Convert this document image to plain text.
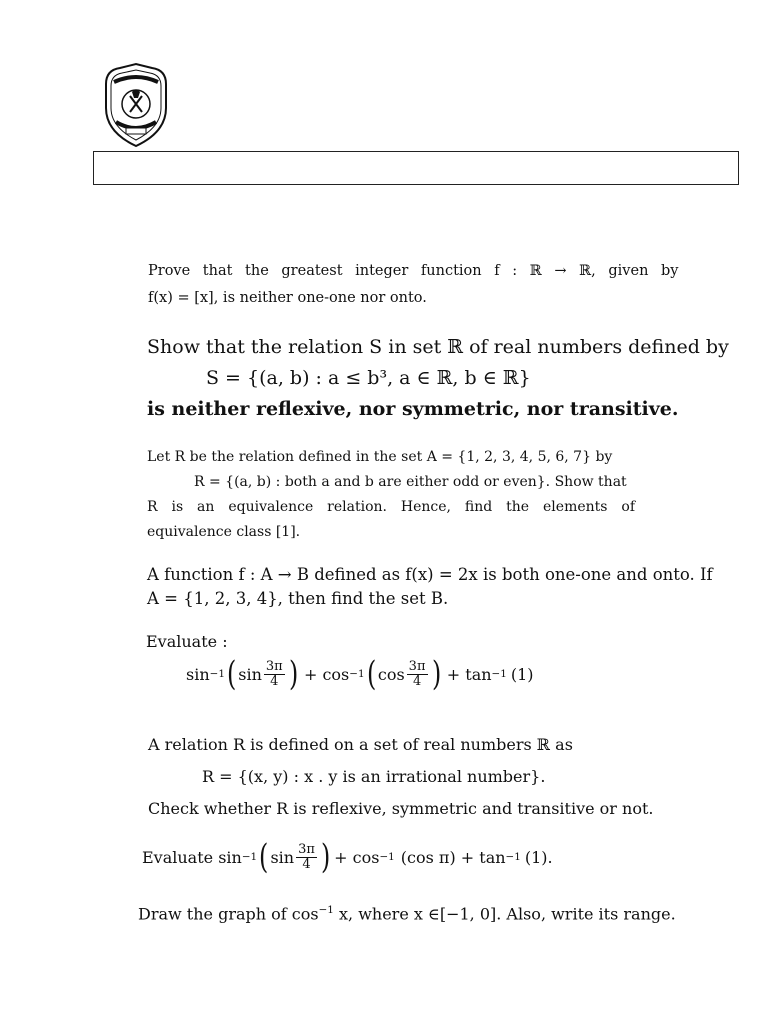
Prove that the greatest integer function f : ℝ → ℝ, given by
f(x) = [x], is neither one-one nor onto.
Show that the relation S in set ℝ of real numbers defined by
S = {(a, b) : a ≤ b³, a ∈ ℝ, b ∈ ℝ}
is neither reflexive, nor symmetric, nor transitive.
Let R be the relation defined in the set A = {1, 2, 3, 4, 5, 6, 7} by
R = {(a, b) : both a and b are either odd or even}. Show that
R is an equivalence relation. Hence, find the elements of
equivalence class [1].
A function f : A → B defined as f(x) = 2x is both one-one and onto. If
A = {1, 2, 3, 4}, then find the set B.
Evaluate :
sin −1 ( $\sin \frac{3\pi}{4}$ ) + cos −1 ( $\cos \frac{3\pi}{4}$ ) + tan −1 (1)
A relation R is defined on a set of real numbers ℝ as
R = {(x, y) : x . y is an irrational number}.
Check whether R is reflexive, symmetric and transitive or not.
Evaluate sin −1 ( $\sin \frac{3\pi}{4}$ ) + cos −1 (cos π) + tan −1 (1).
Draw the graph of $\cos^{-1} x$, where x ∈[−1, 0]. Also, write its range.
